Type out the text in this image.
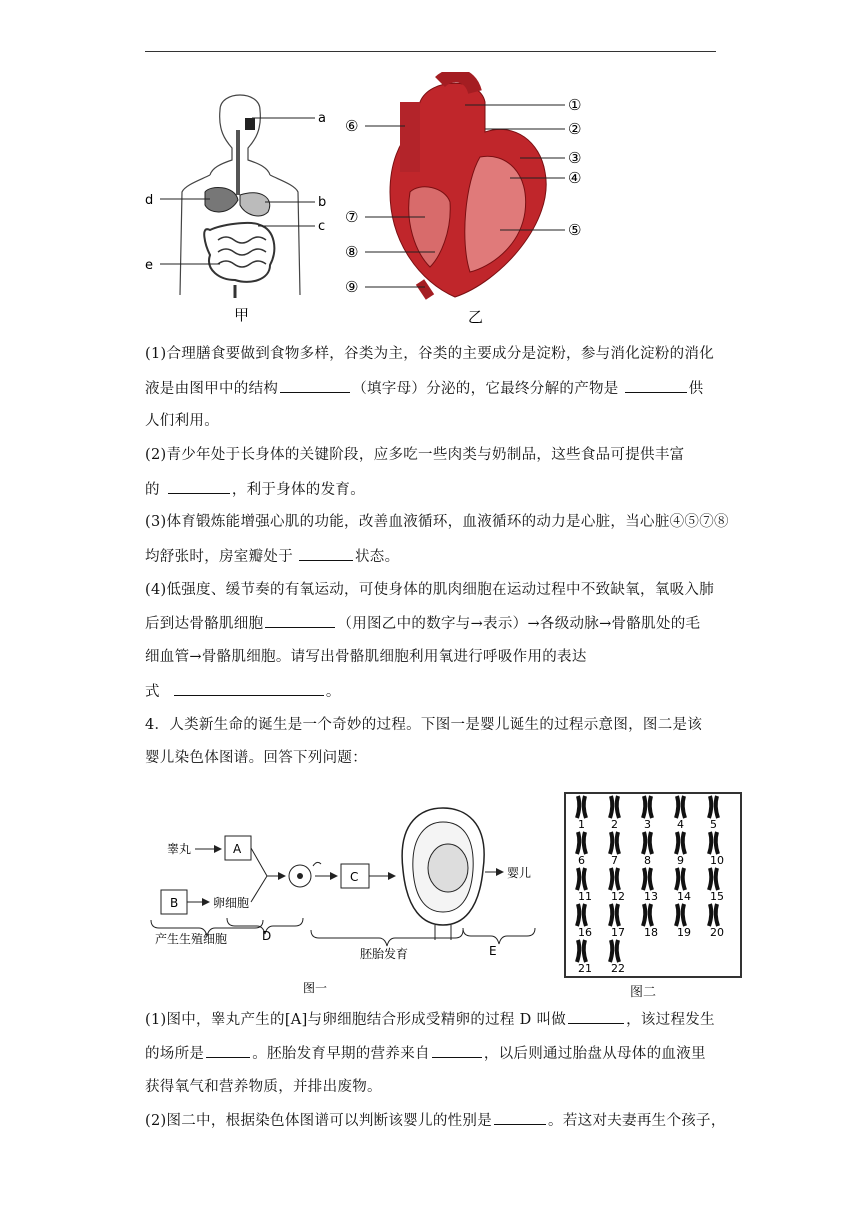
a
b
c
d
e
甲
①
②
③
④
⑤
⑥
⑦
⑧
⑨
乙
(1)合理膳食要做到食物多样，谷类为主，谷类的主要成分是淀粉，参与消化淀粉的消化
液是由图甲中的结构	（填字母）分泌的，它最终分解的产物是	供
人们利用。
(2)青少年处于长身体的关键阶段，应多吃一些肉类与奶制品，这些食品可提供丰富
的	，利于身体的发育。
(3)体育锻炼能增强心肌的功能，改善血液循环，血液循环的动力是心脏，当心脏④⑤⑦⑧
均舒张时，房室瓣处于	状态。
(4)低强度、缓节奏的有氧运动，可使身体的肌肉细胞在运动过程中不致缺氧，氧吸入肺
后到达骨骼肌细胞	（用图乙中的数字与→表示）→各级动脉→骨骼肌处的毛
细血管→骨骼肌细胞。请写出骨骼肌细胞利用氧进行呼吸作用的表达
式	。
4．人类新生命的诞生是一个奇妙的过程。下图一是婴儿诞生的过程示意图，图二是该
婴儿染色体图谱。回答下列问题：
睾丸	A
B	卵细胞
C	婴儿
产生生殖细胞	D
胚胎发育	E
图一
1 2 3 4 5
6 7 8 9 10
11 12 13 14 15
16 17 18 19 20
21 22
图二
(1)图中，睾丸产生的[A]与卵细胞结合形成受精卵的过程 D 叫做	，该过程发生
的场所是	。胚胎发育早期的营养来自	，以后则通过胎盘从母体的血液里
获得氧气和营养物质，并排出废物。
(2)图二中，根据染色体图谱可以判断该婴儿的性别是	。若这对夫妻再生个孩子，
